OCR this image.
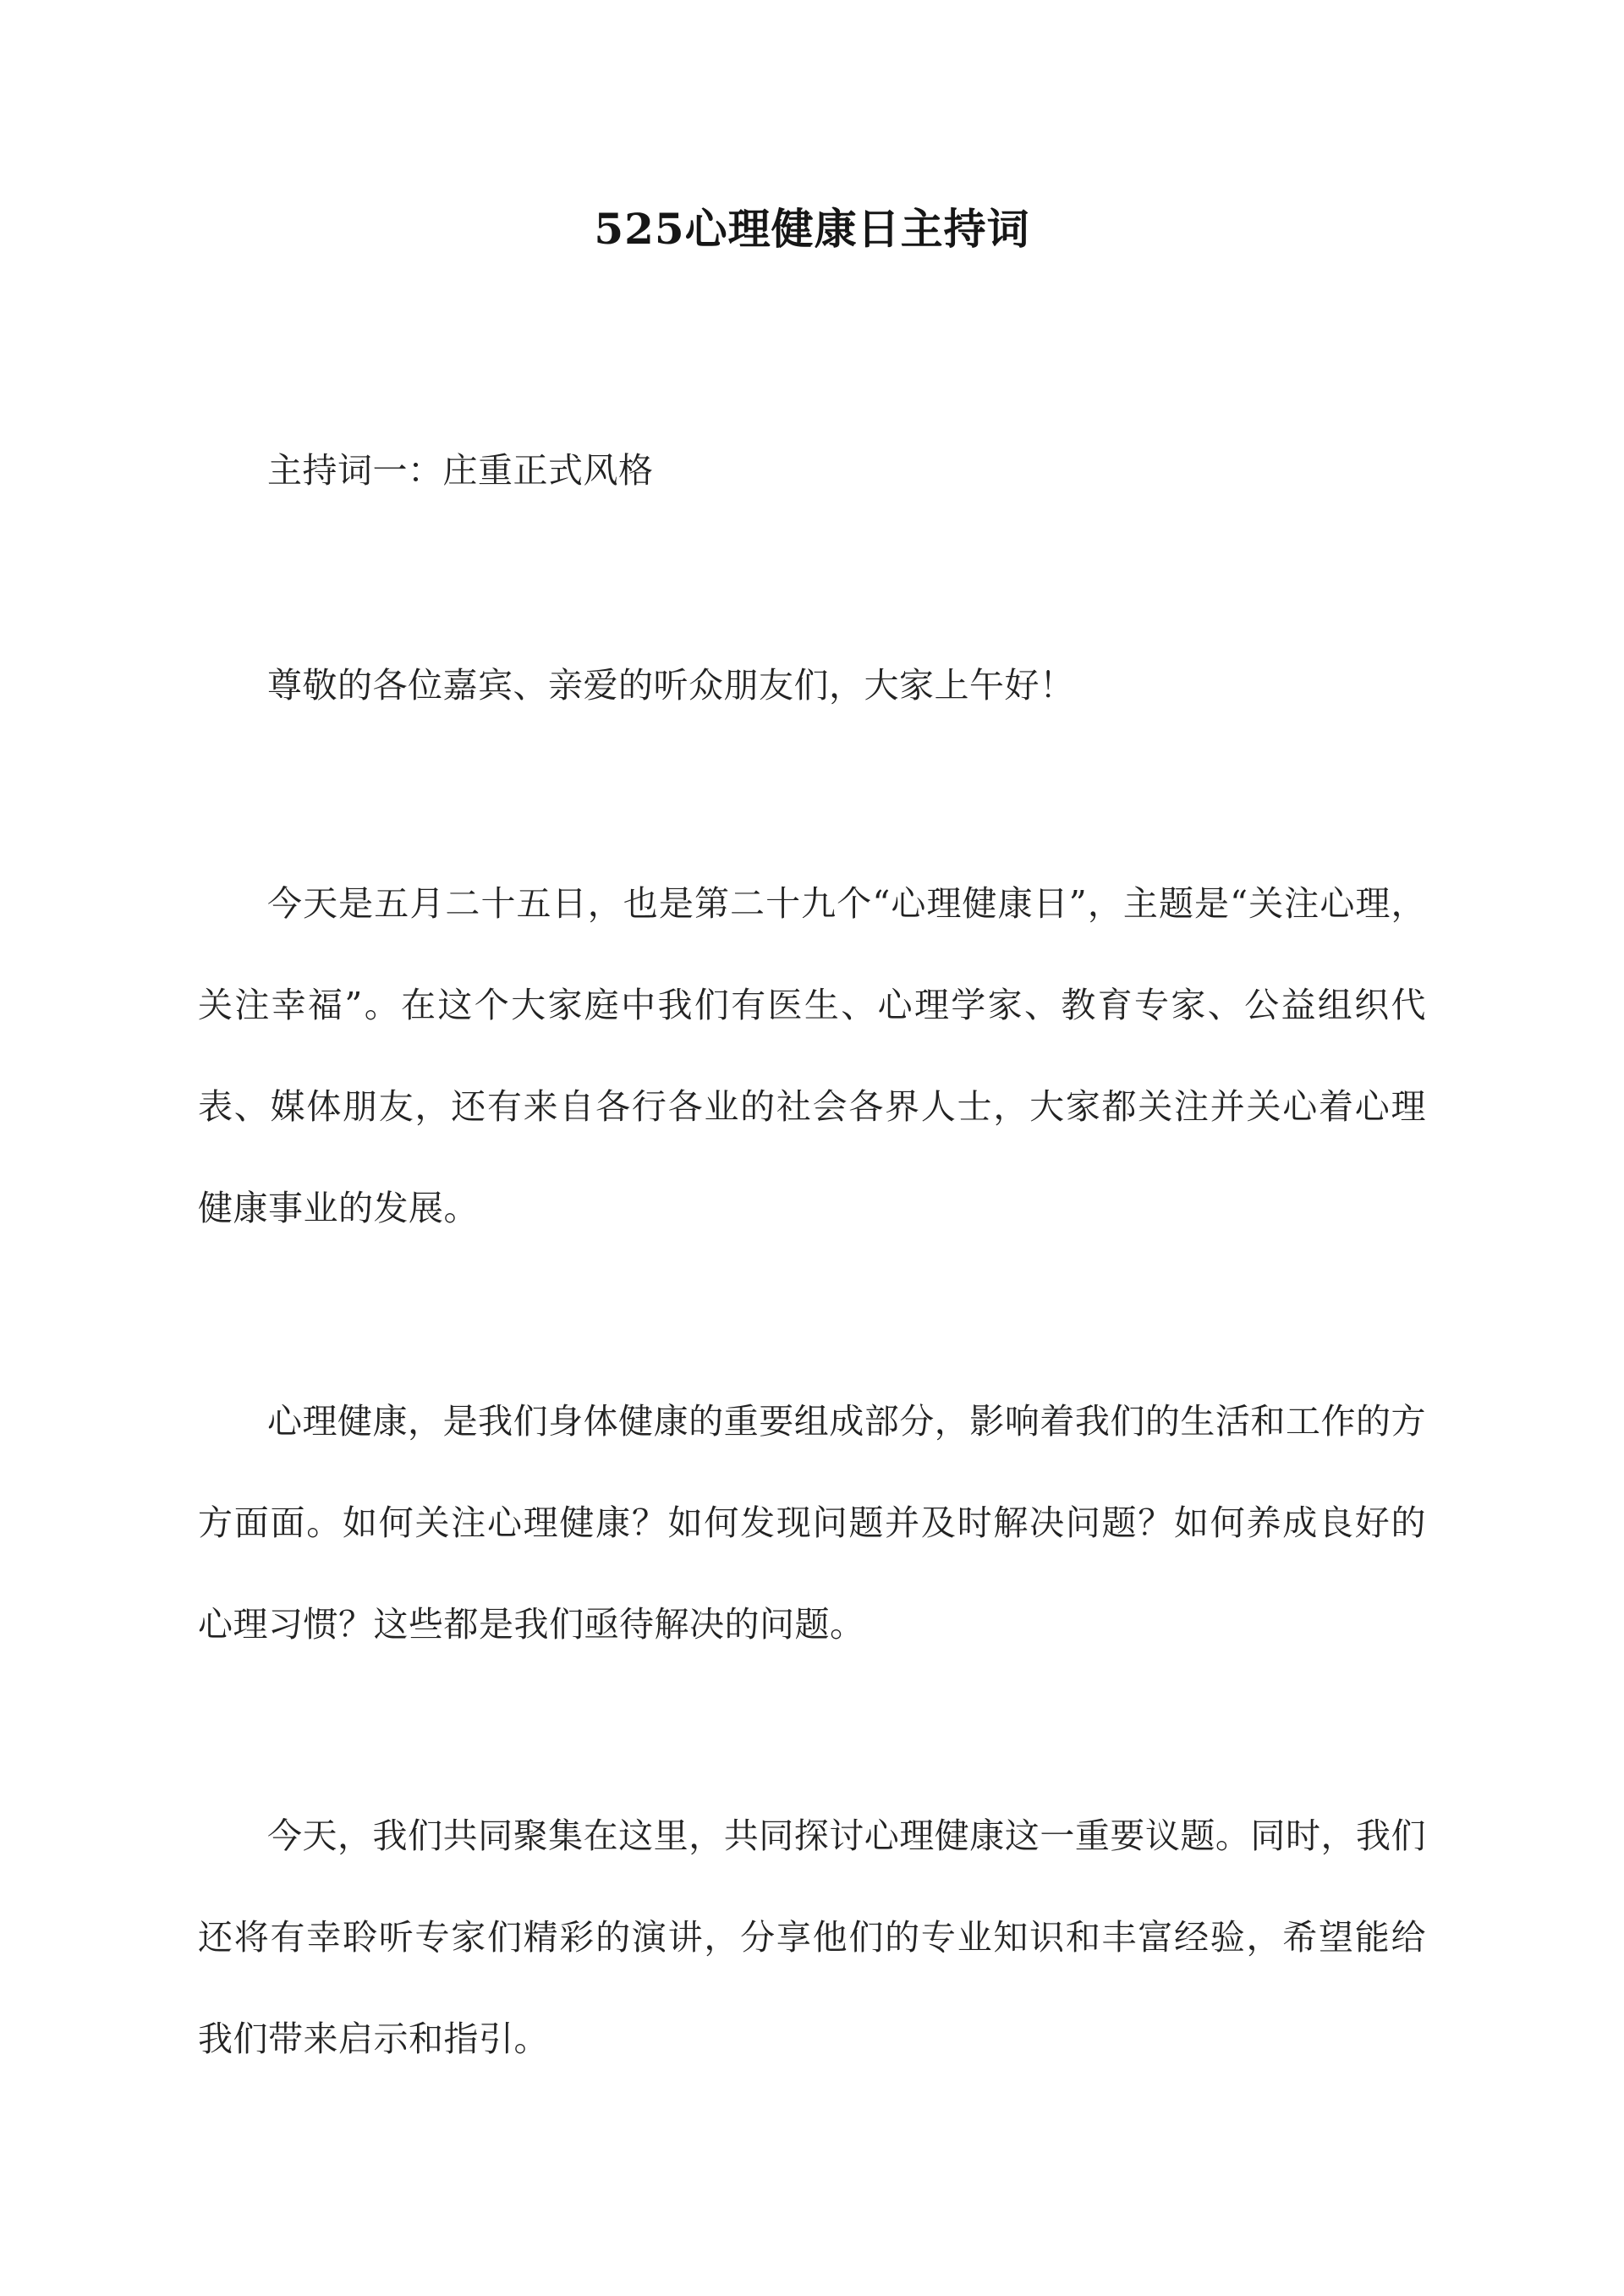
525心理健康日主持词

主持词一：庄重正式风格

尊敬的各位嘉宾、亲爱的听众朋友们，大家上午好！

今天是五月二十五日，也是第二十九个“心理健康日”，主题是“关注心理，关注幸福”。在这个大家庭中我们有医生、心理学家、教育专家、公益组织代表、媒体朋友，还有来自各行各业的社会各界人士，大家都关注并关心着心理健康事业的发展。

心理健康，是我们身体健康的重要组成部分，影响着我们的生活和工作的方方面面。如何关注心理健康？如何发现问题并及时解决问题？如何养成良好的心理习惯？这些都是我们亟待解决的问题。

今天，我们共同聚集在这里，共同探讨心理健康这一重要议题。同时，我们还将有幸聆听专家们精彩的演讲，分享他们的专业知识和丰富经验，希望能给我们带来启示和指引。
